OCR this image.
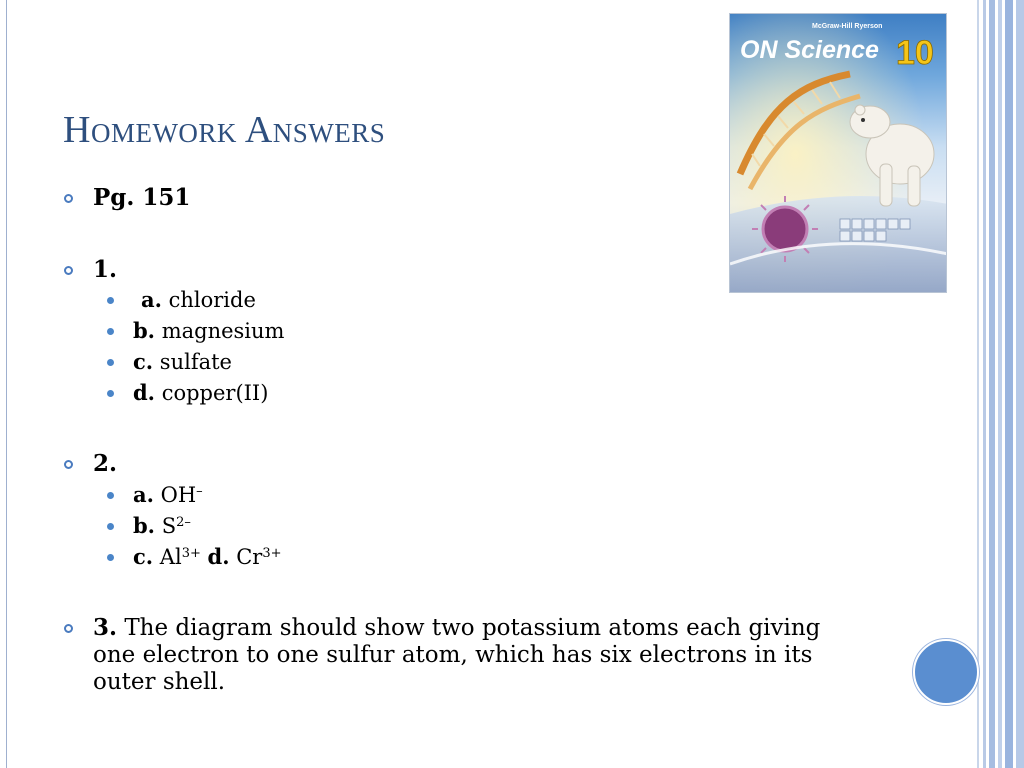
Homework Answers
McGraw-Hill Ryerson
ON Science 10
Pg. 151
1.
a. chloride
b. magnesium
c. sulfate
d. copper(II)
2.
a. OH–
b. $S^{2-}$
c. $Al^{3+}$ d. $Cr^{3+}$

3. The diagram should show two potassium atoms each giving one electron to one sulfur atom, which has six electrons in its outer shell.
